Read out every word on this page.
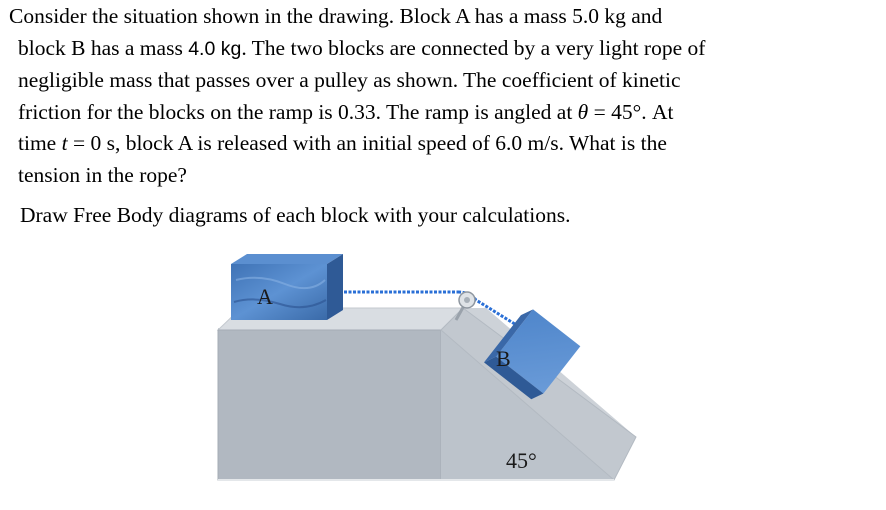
Consider the situation shown in the drawing. Block A has a mass 5.0 kg and
block B has a mass 4.0 kg. The two blocks are connected by a very light rope of
negligible mass that passes over a pulley as shown. The coefficient of kinetic
friction for the blocks on the ramp is 0.33. The ramp is angled at θ = 45°. At
time t = 0 s, block A is released with an initial speed of 6.0 m/s. What is the
tension in the rope?
Draw Free Body diagrams of each block with your calculations.
A
B
45°
